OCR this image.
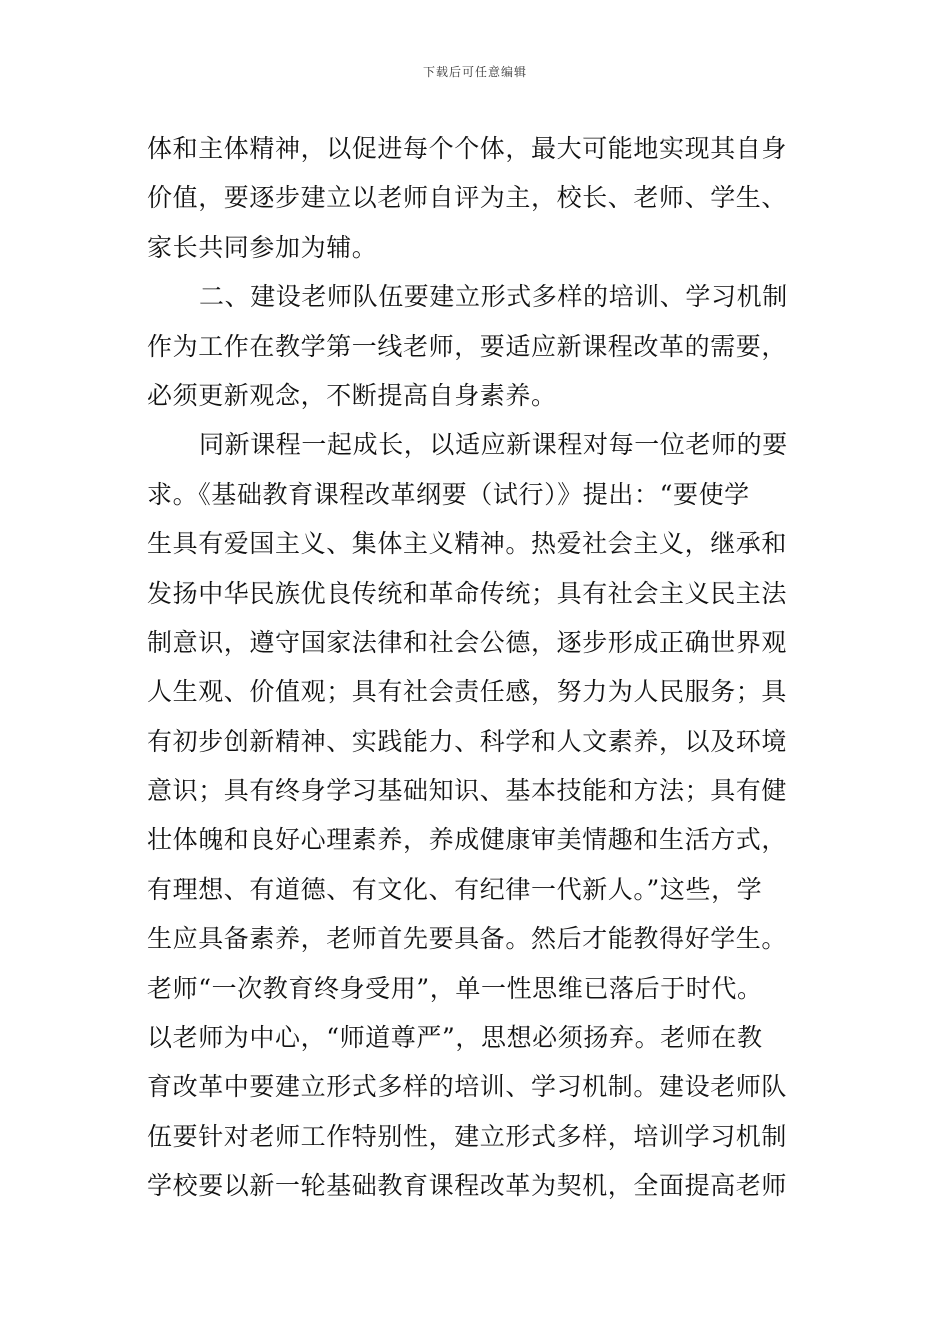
下载后可任意编辑
体和主体精神，以促进每个个体，最大可能地实现其自身
价值，要逐步建立以老师自评为主，校长、老师、学生、
家长共同参加为辅。
二、建设老师队伍要建立形式多样的培训、学习机制
作为工作在教学第一线老师，要适应新课程改革的需要，
必须更新观念，不断提高自身素养。
同新课程一起成长，以适应新课程对每一位老师的要
求。《基础教育课程改革纲要（试行）》提出：“要使学
生具有爱国主义、集体主义精神。热爱社会主义，继承和
发扬中华民族优良传统和革命传统；具有社会主义民主法
制意识，遵守国家法律和社会公德，逐步形成正确世界观
人生观、价值观；具有社会责任感，努力为人民服务；具
有初步创新精神、实践能力、科学和人文素养，以及环境
意识；具有终身学习基础知识、基本技能和方法；具有健
壮体魄和良好心理素养，养成健康审美情趣和生活方式，
有理想、有道德、有文化、有纪律一代新人。”这些，学
生应具备素养，老师首先要具备。然后才能教得好学生。
老师“一次教育终身受用”，单一性思维已落后于时代。
以老师为中心，“师道尊严”，思想必须扬弃。老师在教
育改革中要建立形式多样的培训、学习机制。建设老师队
伍要针对老师工作特别性，建立形式多样，培训学习机制
学校要以新一轮基础教育课程改革为契机，全面提高老师
